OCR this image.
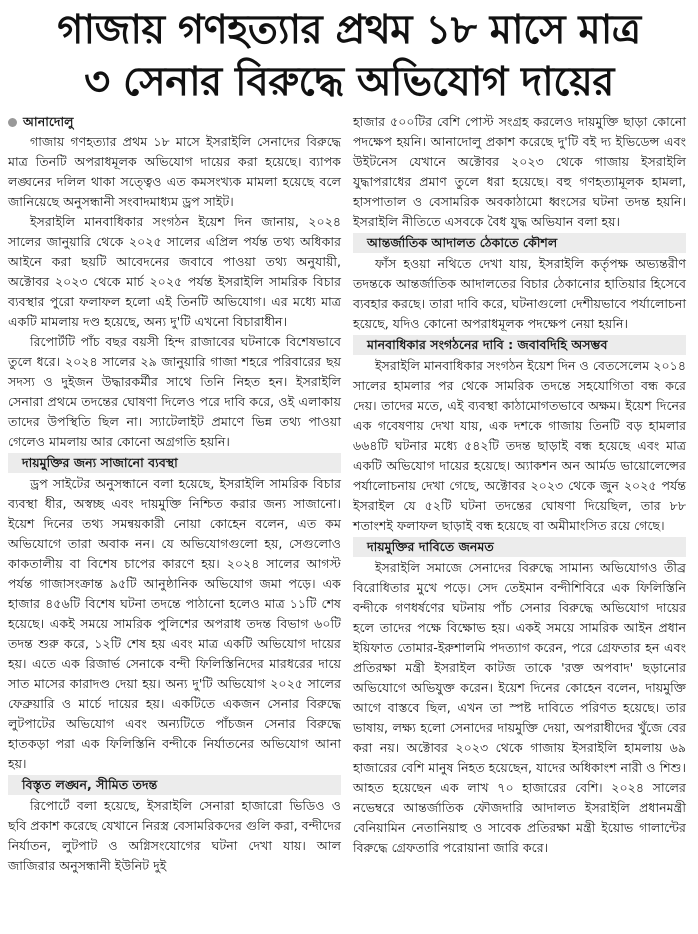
গাজায় গণহত্যার প্রথম ১৮ মাসে মাত্র
৩ সেনার বিরুদ্ধে অভিযোগ দায়ের
আনাদোলু

গাজায় গণহত্যার প্রথম ১৮ মাসে ইসরাইলি সেনাদের বিরুদ্ধে মাত্র তিনটি অপরাধমূলক অভিযোগ দায়ের করা হয়েছে। ব্যাপক লঙ্ঘনের দলিল থাকা সত্ত্বেও এত কমসংখ্যক মামলা হয়েছে বলে জানিয়েছে অনুসন্ধানী সংবাদমাধ্যম ড্রপ সাইট।

ইসরাইলি মানবাধিকার সংগঠন ইয়েশ দিন জানায়, ২০২৪ সালের জানুয়ারি থেকে ২০২৫ সালের এপ্রিল পর্যন্ত তথ্য অধিকার আইনে করা ছয়টি আবেদনের জবাবে পাওয়া তথ্য অনুযায়ী, অক্টোবর ২০২৩ থেকে মার্চ ২০২৫ পর্যন্ত ইসরাইলি সামরিক বিচার ব্যবস্থার পুরো ফলাফল হলো এই তিনটি অভিযোগ। এর মধ্যে মাত্র একটি মামলায় দণ্ড হয়েছে, অন্য দু'টি এখনো বিচারাধীন।

রিপোর্টটি পাঁচ বছর বয়সী হিন্দ রাজাবের ঘটনাকে বিশেষভাবে তুলে ধরে। ২০২৪ সালের ২৯ জানুয়ারি গাজা শহরে পরিবারের ছয় সদস্য ও দুইজন উদ্ধারকর্মীর সাথে তিনি নিহত হন। ইসরাইলি সেনারা প্রথমে তদন্তের ঘোষণা দিলেও পরে দাবি করে, ওই এলাকায় তাদের উপস্থিতি ছিল না। স্যাটেলাইট প্রমাণে ভিন্ন তথ্য পাওয়া গেলেও মামলায় আর কোনো অগ্রগতি হয়নি।

দায়মুক্তির জন্য সাজানো ব্যবস্থা

ড্রপ সাইটের অনুসন্ধানে বলা হয়েছে, ইসরাইলি সামরিক বিচার ব্যবস্থা ধীর, অস্বচ্ছ এবং দায়মুক্তি নিশ্চিত করার জন্য সাজানো। ইয়েশ দিনের তথ্য সমন্বয়কারী নোয়া কোহেন বলেন, এত কম অভিযোগে তারা অবাক নন। যে অভিযোগগুলো হয়, সেগুলোও কাকতালীয় বা বিশেষ চাপের কারণে হয়। ২০২৪ সালের আগস্ট পর্যন্ত গাজাসংক্রান্ত ৯৫টি আনুষ্ঠানিক অভিযোগ জমা পড়ে। এক হাজার ৪৫৬টি বিশেষ ঘটনা তদন্তে পাঠানো হলেও মাত্র ১১টি শেষ হয়েছে। একই সময়ে সামরিক পুলিশের অপরাধ তদন্ত বিভাগ ৬০টি তদন্ত শুরু করে, ১২টি শেষ হয় এবং মাত্র একটি অভিযোগ দায়ের হয়। এতে এক রিজার্ভ সেনাকে বন্দী ফিলিস্তিনিদের মারধরের দায়ে সাত মাসের কারাদণ্ড দেয়া হয়। অন্য দু'টি অভিযোগ ২০২৫ সালের ফেব্রুয়ারি ও মার্চে দায়ের হয়। একটিতে একজন সেনার বিরুদ্ধে লুটপাটের অভিযোগ এবং অন্যটিতে পাঁচজন সেনার বিরুদ্ধে হাতকড়া পরা এক ফিলিস্তিনি বন্দীকে নির্যাতনের অভিযোগ আনা হয়।

বিস্তৃত লঙ্ঘন, সীমিত তদন্ত

রিপোর্টে বলা হয়েছে, ইসরাইলি সেনারা হাজারো ভিডিও ও ছবি প্রকাশ করেছে যেখানে নিরস্ত্র বেসামরিকদের গুলি করা, বন্দীদের নির্যাতন, লুটপাট ও অগ্নিসংযোগের ঘটনা দেখা যায়। আল জাজিরার অনুসন্ধানী ইউনিট দুই

হাজার ৫০০টির বেশি পোস্ট সংগ্রহ করলেও দায়মুক্তি ছাড়া কোনো পদক্ষেপ হয়নি। আনাদোলু প্রকাশ করেছে দু'টি বই দ্য ইভিডেন্স এবং উইটনেস যেখানে অক্টোবর ২০২৩ থেকে গাজায় ইসরাইলি যুদ্ধাপরাধের প্রমাণ তুলে ধরা হয়েছে। বহু গণহত্যামূলক হামলা, হাসপাতাল ও বেসামরিক অবকাঠামো ধ্বংসের ঘটনা তদন্ত হয়নি। ইসরাইলি নীতিতে এসবকে বৈধ যুদ্ধ অভিযান বলা হয়।

আন্তর্জাতিক আদালত ঠেকাতে কৌশল

ফাঁস হওয়া নথিতে দেখা যায়, ইসরাইলি কর্তৃপক্ষ অভ্যন্তরীণ তদন্তকে আন্তর্জাতিক আদালতের বিচার ঠেকানোর হাতিয়ার হিসেবে ব্যবহার করছে। তারা দাবি করে, ঘটনাগুলো দেশীয়ভাবে পর্যালোচনা হয়েছে, যদিও কোনো অপরাধমূলক পদক্ষেপ নেয়া হয়নি।

মানবাধিকার সংগঠনের দাবি : জবাবদিহি অসম্ভব

ইসরাইলি মানবাধিকার সংগঠন ইয়েশ দিন ও বেতসেলেম ২০১৪ সালের হামলার পর থেকে সামরিক তদন্তে সহযোগিতা বন্ধ করে দেয়। তাদের মতে, এই ব্যবস্থা কাঠামোগতভাবে অক্ষম। ইয়েশ দিনের এক গবেষণায় দেখা যায়, এক দশকে গাজায় তিনটি বড় হামলার ৬৬৪টি ঘটনার মধ্যে ৫৪২টি তদন্ত ছাড়াই বন্ধ হয়েছে এবং মাত্র একটি অভিযোগ দায়ের হয়েছে। অ্যাকশন অন আর্মড ভায়োলেন্সের পর্যালোচনায় দেখা গেছে, অক্টোবর ২০২৩ থেকে জুন ২০২৫ পর্যন্ত ইসরাইল যে ৫২টি ঘটনা তদন্তের ঘোষণা দিয়েছিল, তার ৮৮ শতাংশই ফলাফল ছাড়াই বন্ধ হয়েছে বা অমীমাংসিত রয়ে গেছে।

দায়মুক্তির দাবিতে জনমত

ইসরাইলি সমাজে সেনাদের বিরুদ্ধে সামান্য অভিযোগও তীব্র বিরোধিতার মুখে পড়ে। সেদ তেইমান বন্দীশিবিরে এক ফিলিস্তিনি বন্দীকে গণধর্ষণের ঘটনায় পাঁচ সেনার বিরুদ্ধে অভিযোগ দায়ের হলে তাদের পক্ষে বিক্ষোভ হয়। একই সময়ে সামরিক আইন প্রধান ইয়িফাত তোমার-ইরুশালমি পদত্যাগ করেন, পরে গ্রেফতার হন এবং প্রতিরক্ষা মন্ত্রী ইসরাইল কাটজ তাকে 'রক্ত অপবাদ' ছড়ানোর অভিযোগে অভিযুক্ত করেন। ইয়েশ দিনের কোহেন বলেন, দায়মুক্তি আগে বাস্তবে ছিল, এখন তা স্পষ্ট দাবিতে পরিণত হয়েছে। তার ভাষায়, লক্ষ্য হলো সেনাদের দায়মুক্তি দেয়া, অপরাধীদের খুঁজে বের করা নয়। অক্টোবর ২০২৩ থেকে গাজায় ইসরাইলি হামলায় ৬৯ হাজারের বেশি মানুষ নিহত হয়েছেন, যাদের অধিকাংশ নারী ও শিশু। আহত হয়েছেন এক লাখ ৭০ হাজারের বেশি। ২০২৪ সালের নভেম্বরে আন্তর্জাতিক ফৌজদারি আদালত ইসরাইলি প্রধানমন্ত্রী বেনিয়ামিন নেতানিয়াহু ও সাবেক প্রতিরক্ষা মন্ত্রী ইয়োভ গালান্টের বিরুদ্ধে গ্রেফতারি পরোয়ানা জারি করে।
